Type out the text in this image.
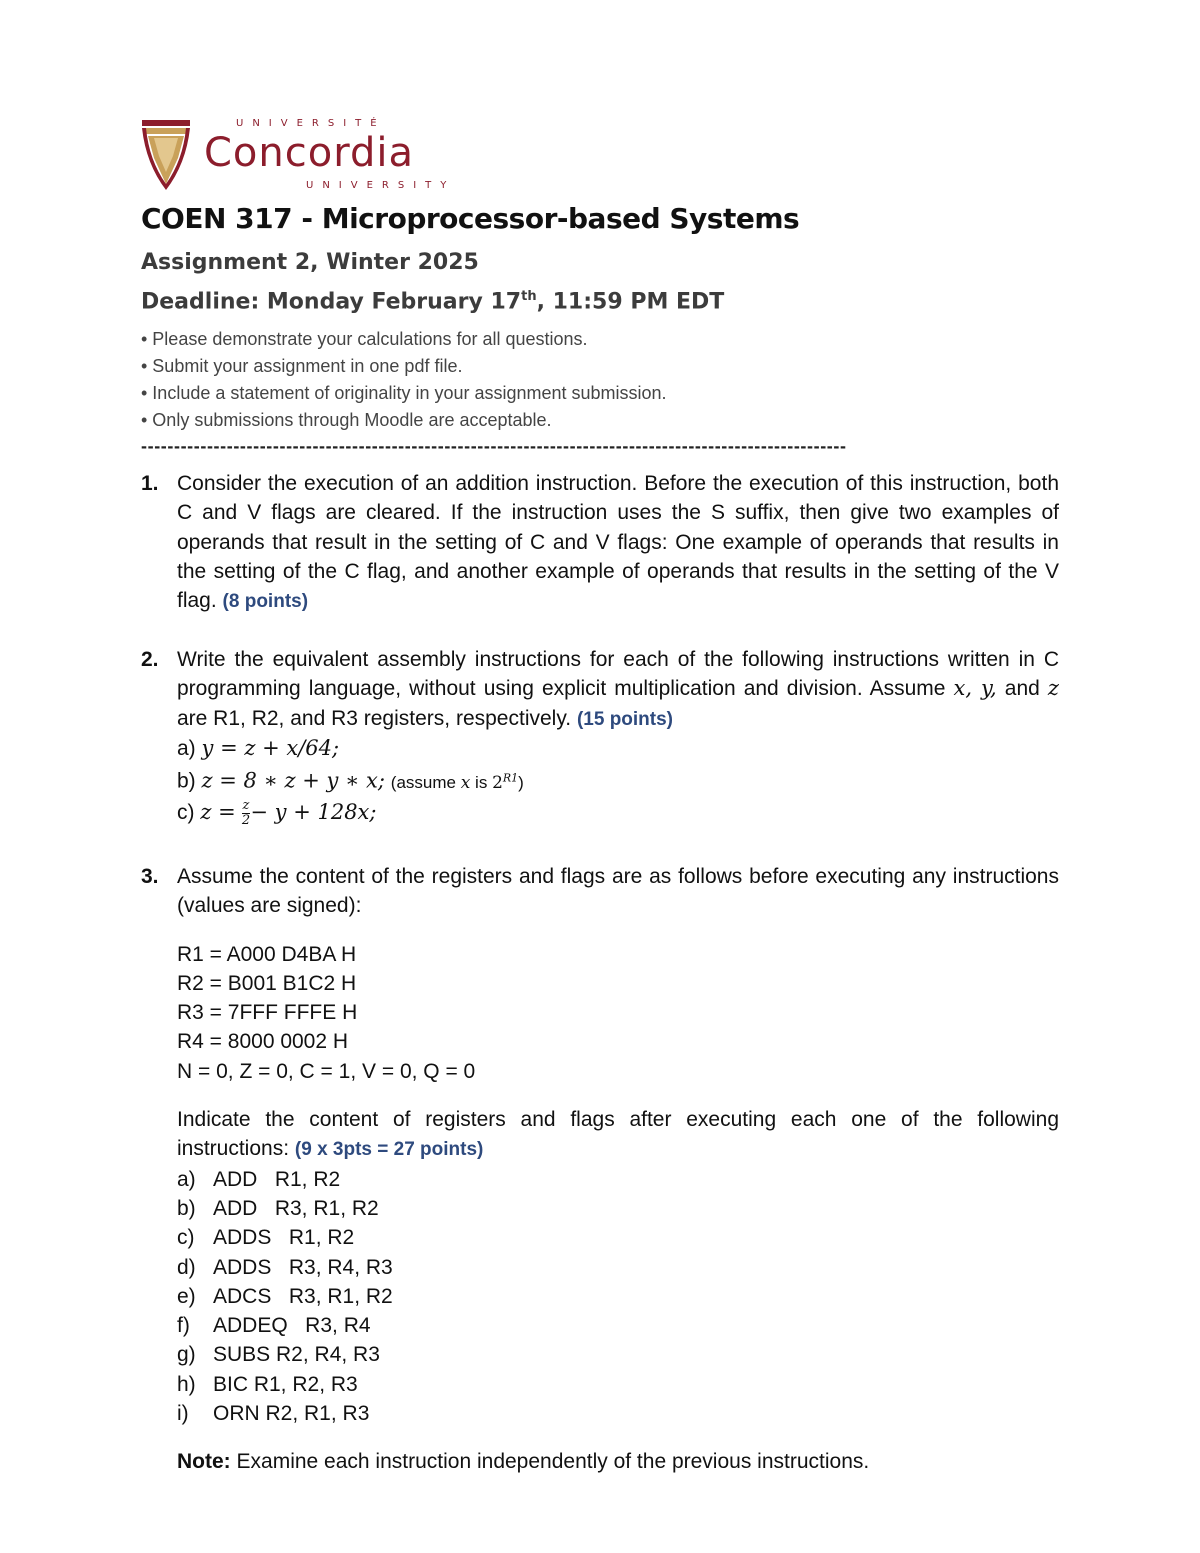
UNIVERSITÉ
Concordia
UNIVERSITY
COEN 317 - Microprocessor-based Systems
Assignment 2, Winter 2025
Deadline: Monday February 17th, 11:59 PM EDT
• Please demonstrate your calculations for all questions.
• Submit your assignment in one pdf file.
• Include a statement of originality in your assignment submission.
• Only submissions through Moodle are acceptable.
-----------------------------------------------------------------------------------------------------------
1. Consider the execution of an addition instruction. Before the execution of this instruction, both C and V flags are cleared. If the instruction uses the S suffix, then give two examples of operands that result in the setting of C and V flags: One example of operands that results in the setting of the C flag, and another example of operands that results in the setting of the V flag. (8 points)
2. Write the equivalent assembly instructions for each of the following instructions written in C programming language, without using explicit multiplication and division. Assume x, y, and z are R1, R2, and R3 registers, respectively. (15 points)
a) y = z + x/64;
b) z = 8 ∗ z + y ∗ x; (assume x is $2^{R1}$)
c) $z = \frac{z}{2} - y + 128x$;
3. Assume the content of the registers and flags are as follows before executing any instructions (values are signed):
R1 = A000 D4BA H
R2 = B001 B1C2 H
R3 = 7FFF FFFE H
R4 = 8000 0002 H
N = 0, Z = 0, C = 1, V = 0, Q = 0
Indicate the content of registers and flags after executing each one of the following instructions: (9 x 3pts = 27 points)
a) ADD   R1, R2
b) ADD   R3, R1, R2
c) ADDS   R1, R2
d) ADDS   R3, R4, R3
e) ADCS   R3, R1, R2
f) ADDEQ   R3, R4
g) SUBS R2, R4, R3
h) BIC R1, R2, R3
i) ORN R2, R1, R3
Note: Examine each instruction independently of the previous instructions.
